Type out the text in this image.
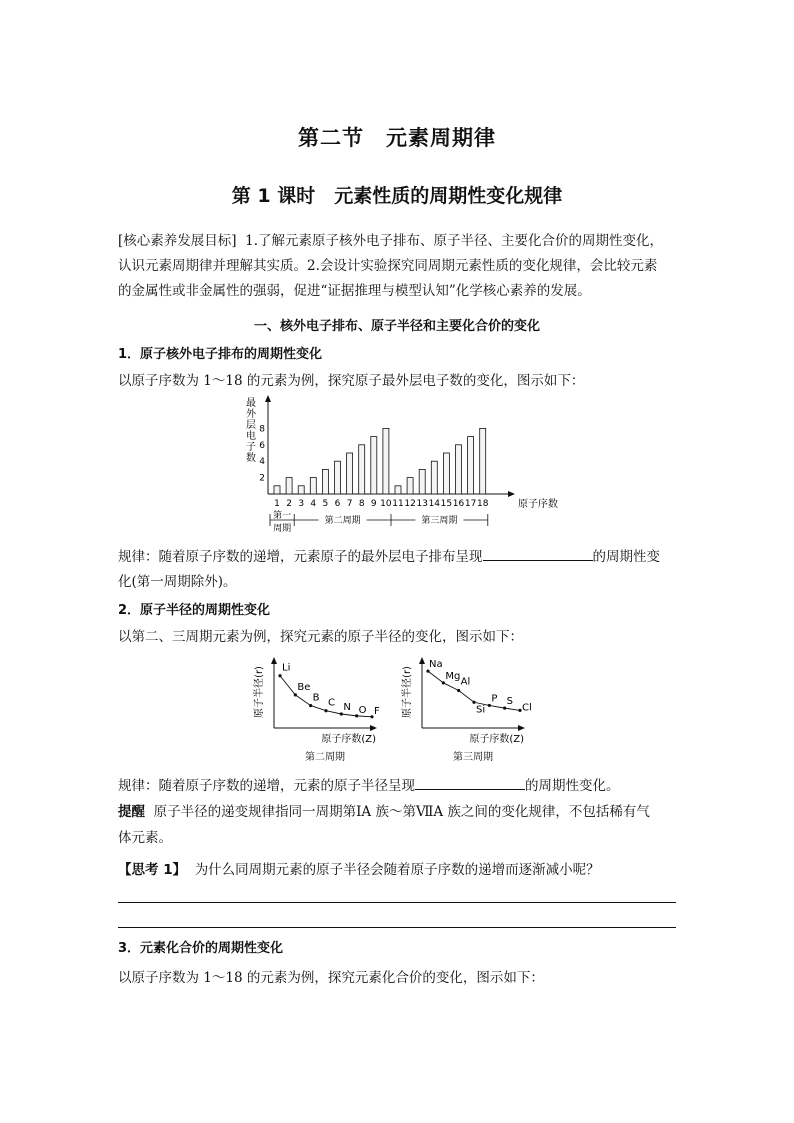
第二节　元素周期律
第 1 课时　元素性质的周期性变化规律
[核心素养发展目标] 1.了解元素原子核外电子排布、原子半径、主要化合价的周期性变化，
认识元素周期律并理解其实质。2.会设计实验探究同周期元素性质的变化规律，会比较元素
的金属性或非金属性的强弱，促进“证据推理与模型认知”化学核心素养的发展。
一、核外电子排布、原子半径和主要化合价的变化
1．原子核外电子排布的周期性变化
以原子序数为 1～18 的元素为例，探究原子最外层电子数的变化，图示如下：
最
外
层
电
子
数
2
4
6
8
1 2 3 4 5 6 7 8 9 10 11 12 13 14 15 16 17 18	原子序数
第一
周期
第二周期	第三周期
规律：随着原子序数的递增，元素原子的最外层电子排布呈现	的周期性变
化(第一周期除外)。
2．原子半径的周期性变化
以第二、三周期元素为例，探究元素的原子半径的变化，图示如下：
原子半径(r)
原子序数(Z)
第二周期
Li
Be
B C N O F 原子半径(r)
原子序数(Z)
第三周期
Na
Mg
Al
Si
P S
Cl
规律：随着原子序数的递增，元素的原子半径呈现	的周期性变化。
提醒 原子半径的递变规律指同一周期第ⅠA 族～第ⅦA 族之间的变化规律，不包括稀有气
体元素。
【思考 1】 为什么同周期元素的原子半径会随着原子序数的递增而逐渐减小呢？
3．元素化合价的周期性变化
以原子序数为 1～18 的元素为例，探究元素化合价的变化，图示如下：
